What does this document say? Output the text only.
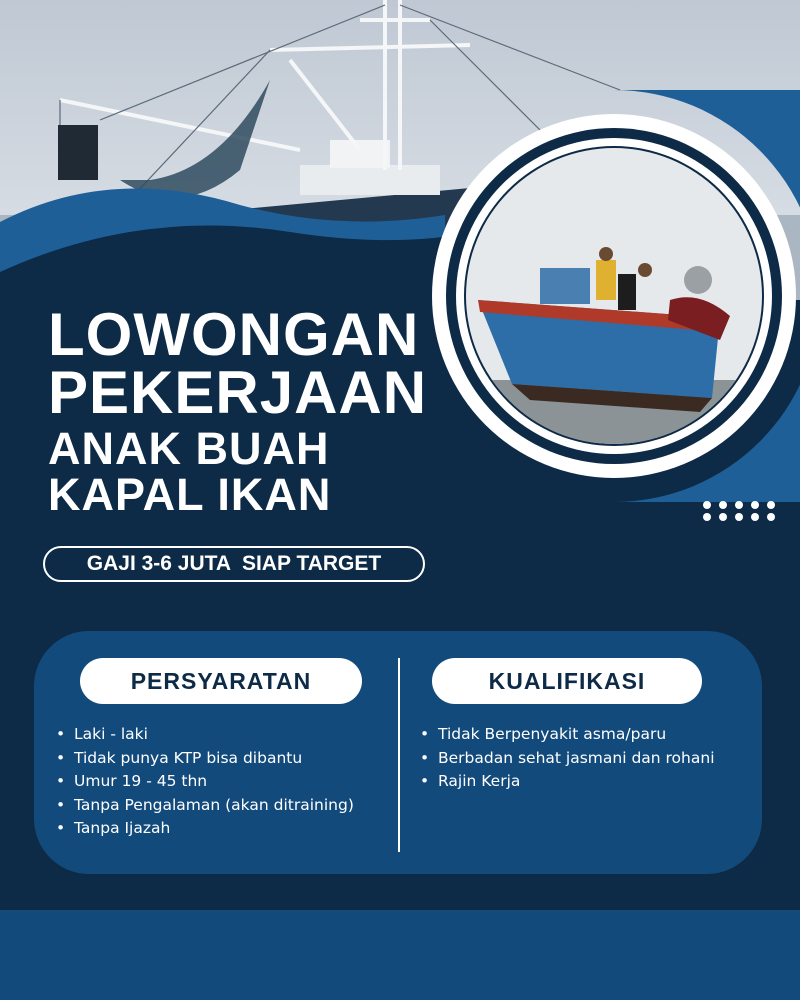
LOWONGAN
PEKERJAAN
ANAK BUAH
KAPAL IKAN
GAJI 3-6 JUTA  SIAP TARGET
PERSYARATAN	KUALIFIKASI
• Laki - laki
• Tidak punya KTP bisa dibantu
• Umur 19 - 45 thn
• Tanpa Pengalaman (akan ditraining)
• Tanpa Ijazah
• Tidak Berpenyakit asma/paru
• Berbadan sehat jasmani dan rohani
• Rajin Kerja
